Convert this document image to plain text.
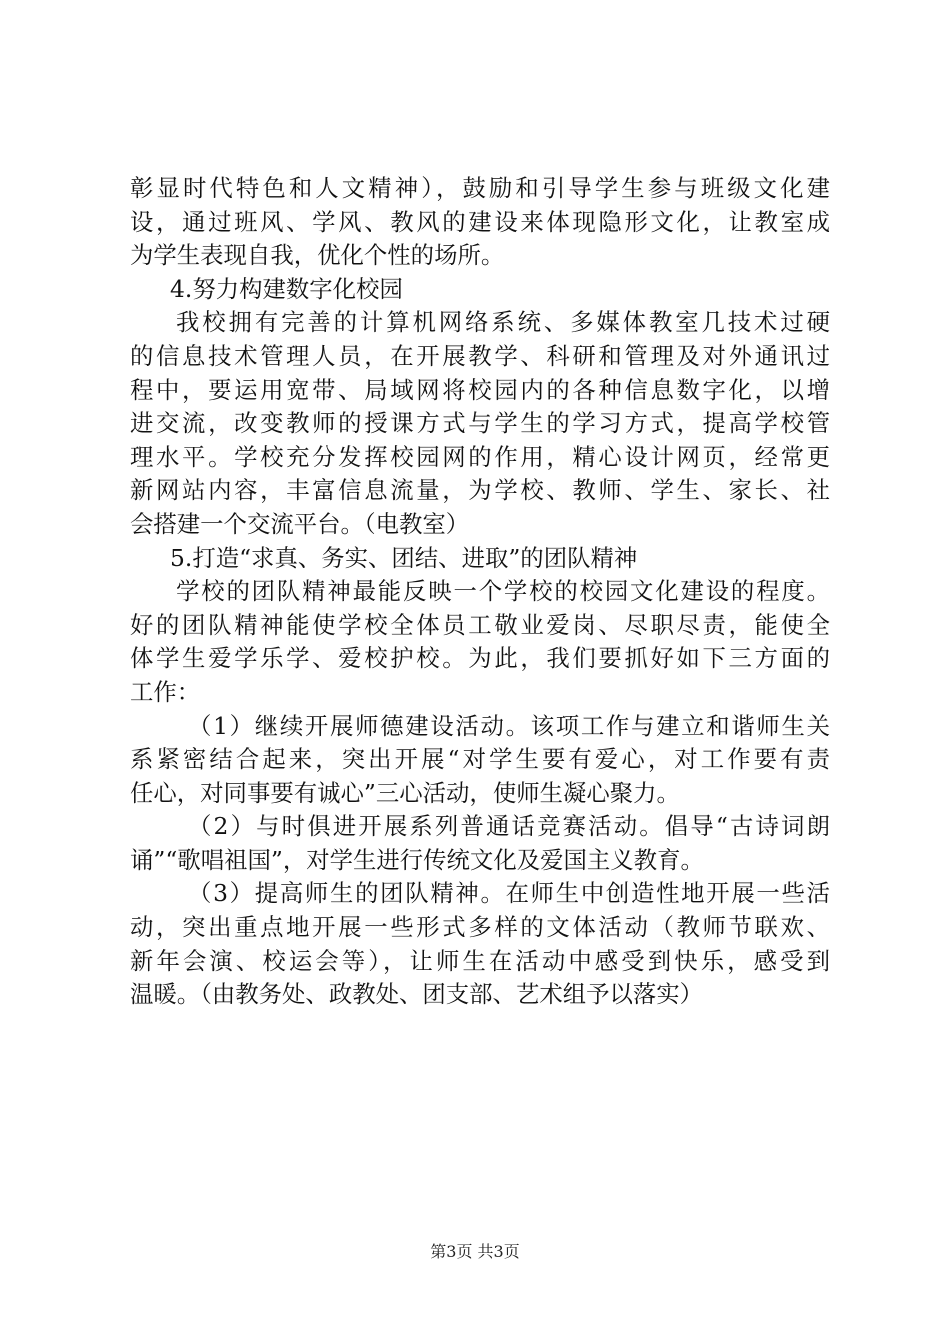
彰显时代特色和人文精神），鼓励和引导学生参与班级文化建
设，通过班风、学风、教风的建设来体现隐形文化，让教室成
为学生表现自我，优化个性的场所。
4.努力构建数字化校园
我校拥有完善的计算机网络系统、多媒体教室几技术过硬
的信息技术管理人员，在开展教学、科研和管理及对外通讯过
程中，要运用宽带、局域网将校园内的各种信息数字化，以增
进交流，改变教师的授课方式与学生的学习方式，提高学校管
理水平。学校充分发挥校园网的作用，精心设计网页，经常更
新网站内容，丰富信息流量，为学校、教师、学生、家长、社
会搭建一个交流平台。（电教室）
5.打造“求真、务实、团结、进取”的团队精神
学校的团队精神最能反映一个学校的校园文化建设的程度。
好的团队精神能使学校全体员工敬业爱岗、尽职尽责，能使全
体学生爱学乐学、爱校护校。为此，我们要抓好如下三方面的
工作：
（1）继续开展师德建设活动。该项工作与建立和谐师生关
系紧密结合起来，突出开展“对学生要有爱心，对工作要有责
任心，对同事要有诚心”三心活动，使师生凝心聚力。
（2）与时俱进开展系列普通话竞赛活动。倡导“古诗词朗
诵”“歌唱祖国”，对学生进行传统文化及爱国主义教育。
（3）提高师生的团队精神。在师生中创造性地开展一些活
动，突出重点地开展一些形式多样的文体活动（教师节联欢、
新年会演、校运会等），让师生在活动中感受到快乐，感受到
温暖。（由教务处、政教处、团支部、艺术组予以落实）
第3页 共3页
